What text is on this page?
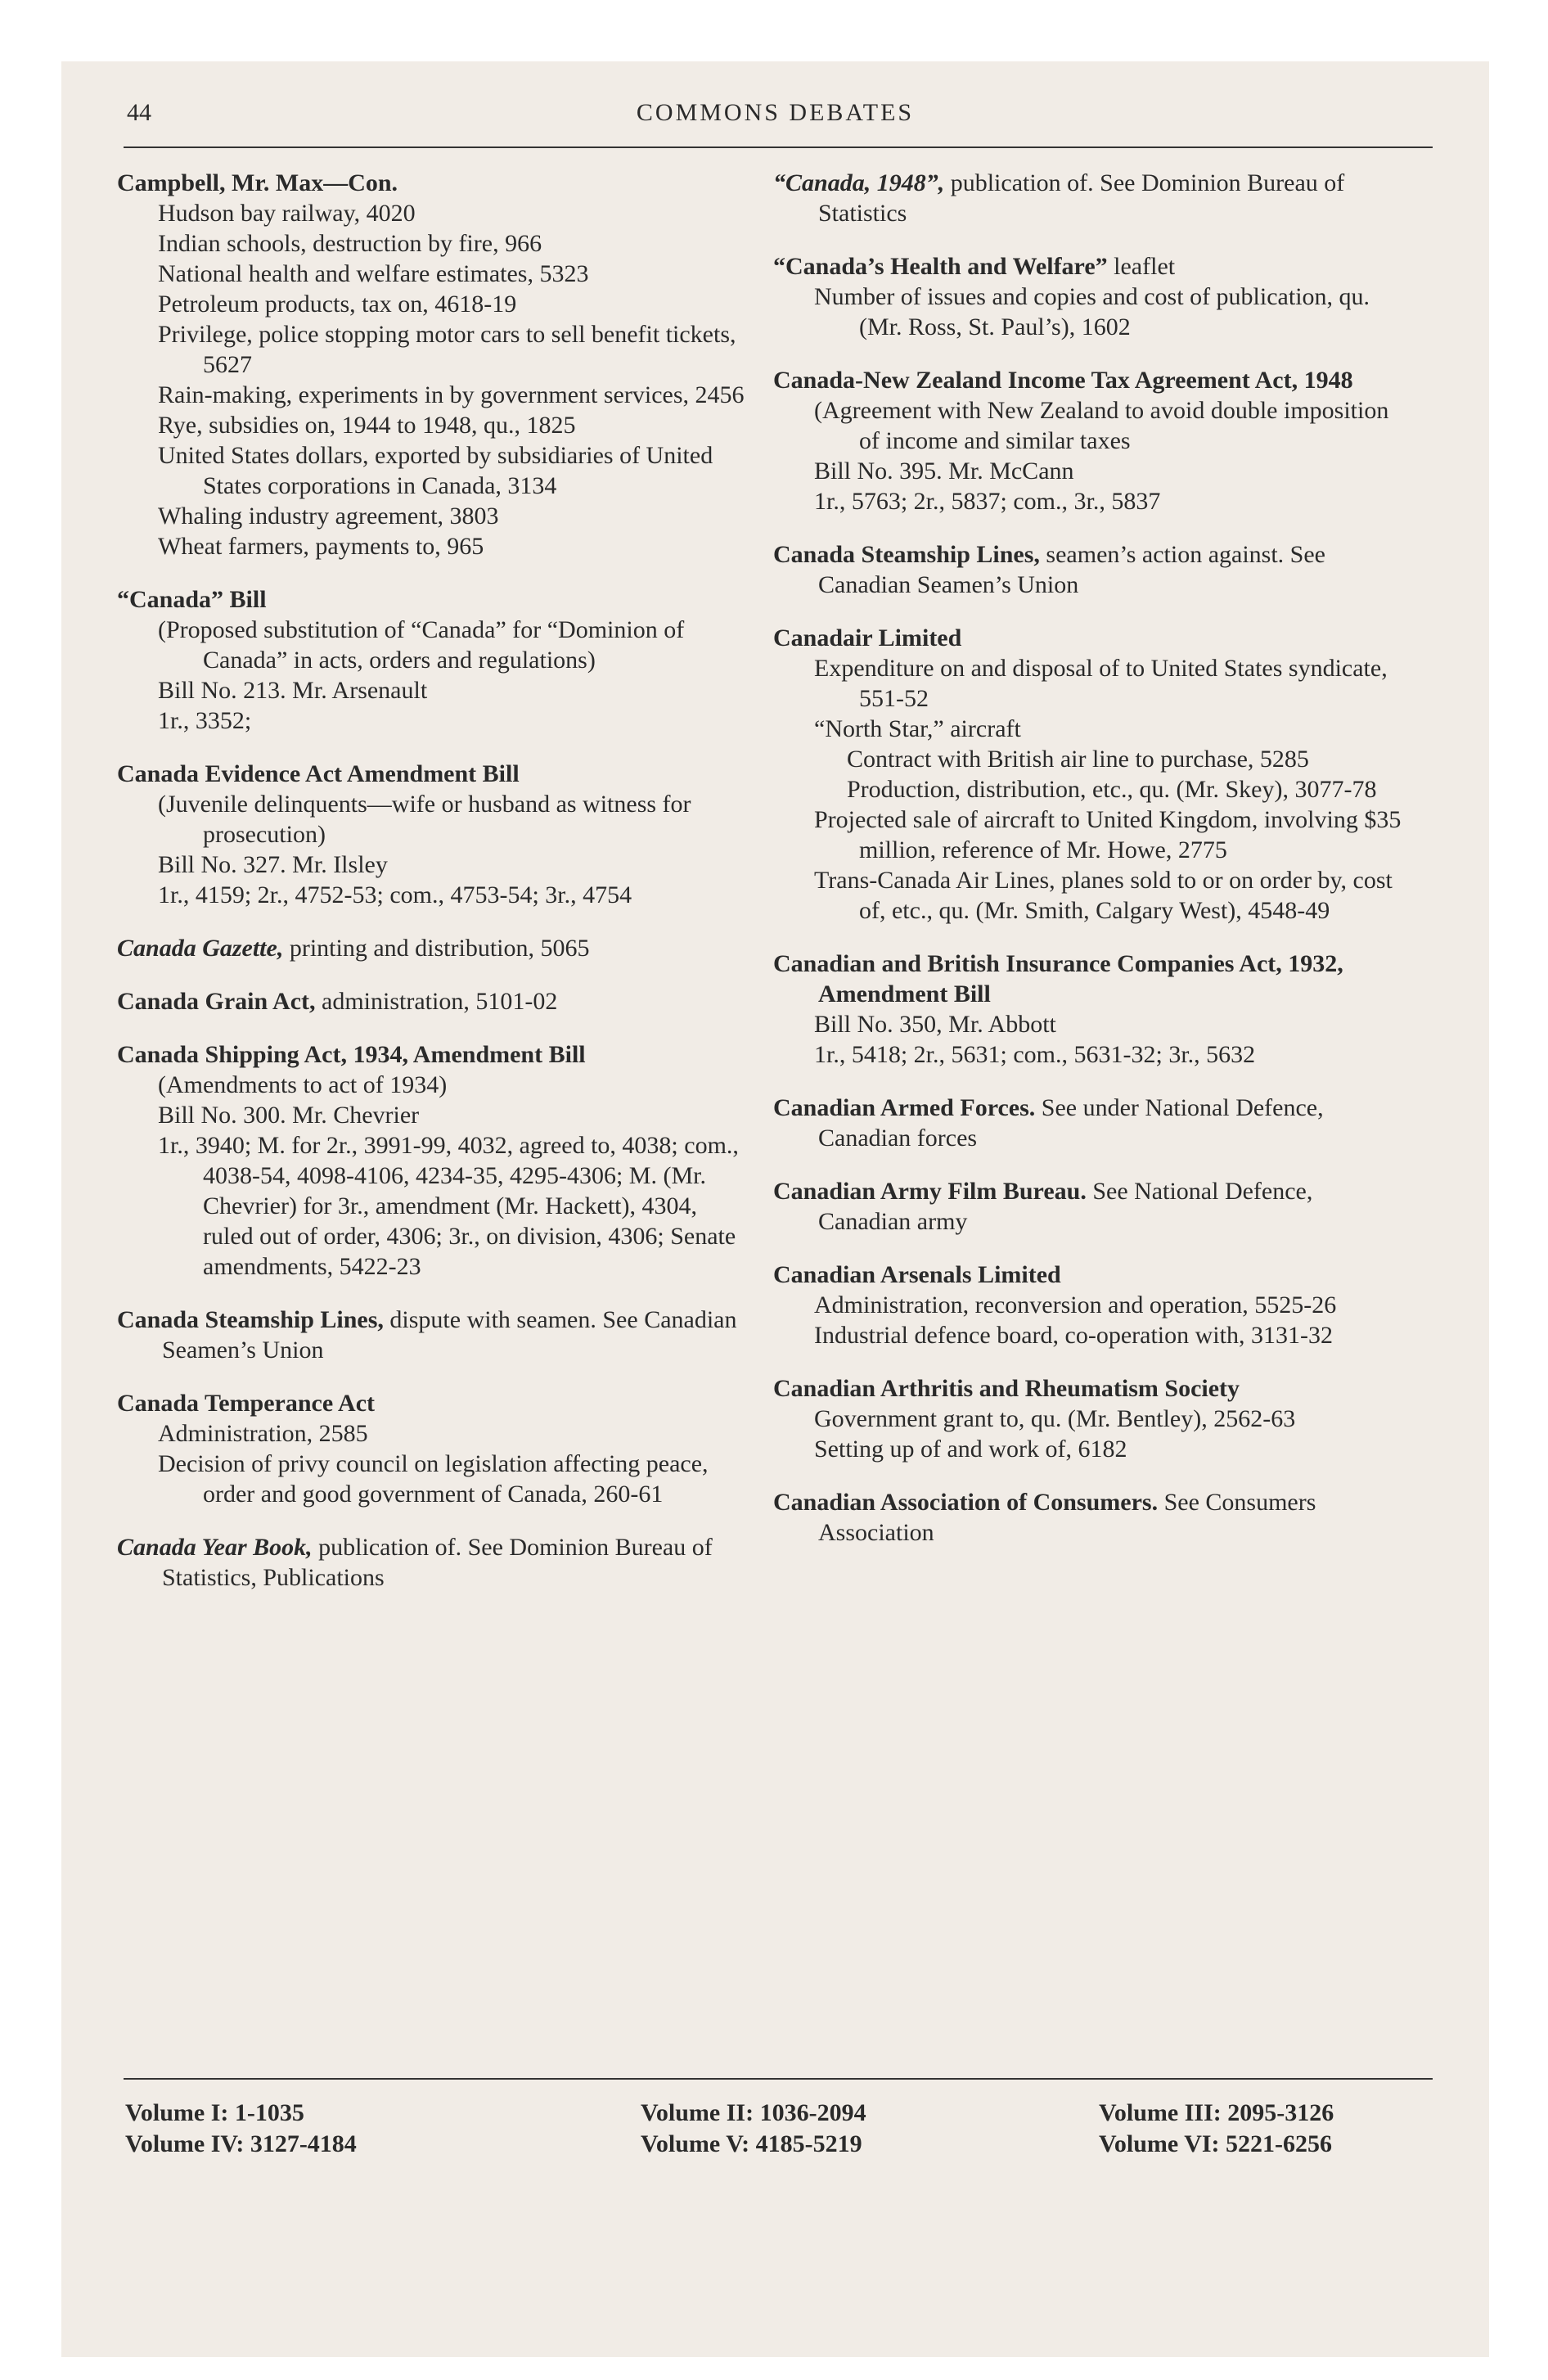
44	COMMONS DEBATES
Campbell, Mr. Max—Con.
Hudson bay railway, 4020
Indian schools, destruction by fire, 966
National health and welfare estimates, 5323
Petroleum products, tax on, 4618-19
Privilege, police stopping motor cars to sell benefit tickets, 5627
Rain-making, experiments in by government services, 2456
Rye, subsidies on, 1944 to 1948, qu., 1825
United States dollars, exported by subsidiaries of United States corporations in Canada, 3134
Whaling industry agreement, 3803
Wheat farmers, payments to, 965
“Canada” Bill
(Proposed substitution of “Canada” for “Dominion of Canada” in acts, orders and regulations)
Bill No. 213. Mr. Arsenault
1r., 3352;
Canada Evidence Act Amendment Bill
(Juvenile delinquents—wife or husband as witness for prosecution)
Bill No. 327. Mr. Ilsley
1r., 4159; 2r., 4752-53; com., 4753-54; 3r., 4754
Canada Gazette, printing and distribution, 5065
Canada Grain Act, administration, 5101-02
Canada Shipping Act, 1934, Amendment Bill
(Amendments to act of 1934)
Bill No. 300. Mr. Chevrier
1r., 3940; M. for 2r., 3991-99, 4032, agreed to, 4038; com., 4038-54, 4098-4106, 4234-35, 4295-4306; M. (Mr. Chevrier) for 3r., amendment (Mr. Hackett), 4304, ruled out of order, 4306; 3r., on division, 4306; Senate amendments, 5422-23
Canada Steamship Lines, dispute with seamen. See Canadian Seamen’s Union
Canada Temperance Act
Administration, 2585
Decision of privy council on legislation affecting peace, order and good government of Canada, 260-61
Canada Year Book, publication of. See Dominion Bureau of Statistics, Publications
“Canada, 1948”, publication of. See Dominion Bureau of Statistics
“Canada’s Health and Welfare” leaflet
Number of issues and copies and cost of publication, qu. (Mr. Ross, St. Paul’s), 1602
Canada-New Zealand Income Tax Agreement Act, 1948
(Agreement with New Zealand to avoid double imposition of income and similar taxes
Bill No. 395. Mr. McCann
1r., 5763; 2r., 5837; com., 3r., 5837
Canada Steamship Lines, seamen’s action against. See Canadian Seamen’s Union
Canadair Limited
Expenditure on and disposal of to United States syndicate, 551-52
“North Star,” aircraft
Contract with British air line to purchase, 5285
Production, distribution, etc., qu. (Mr. Skey), 3077-78
Projected sale of aircraft to United Kingdom, involving $35 million, reference of Mr. Howe, 2775
Trans-Canada Air Lines, planes sold to or on order by, cost of, etc., qu. (Mr. Smith, Calgary West), 4548-49
Canadian and British Insurance Companies Act, 1932, Amendment Bill
Bill No. 350, Mr. Abbott
1r., 5418; 2r., 5631; com., 5631-32; 3r., 5632
Canadian Armed Forces. See under National Defence, Canadian forces
Canadian Army Film Bureau. See National Defence, Canadian army
Canadian Arsenals Limited
Administration, reconversion and operation, 5525-26
Industrial defence board, co-operation with, 3131-32
Canadian Arthritis and Rheumatism Society
Government grant to, qu. (Mr. Bentley), 2562-63
Setting up of and work of, 6182
Canadian Association of Consumers. See Consumers Association
Volume I: 1-1035	Volume II: 1036-2094	Volume III: 2095-3126
Volume IV: 3127-4184	Volume V: 4185-5219	Volume VI: 5221-6256
